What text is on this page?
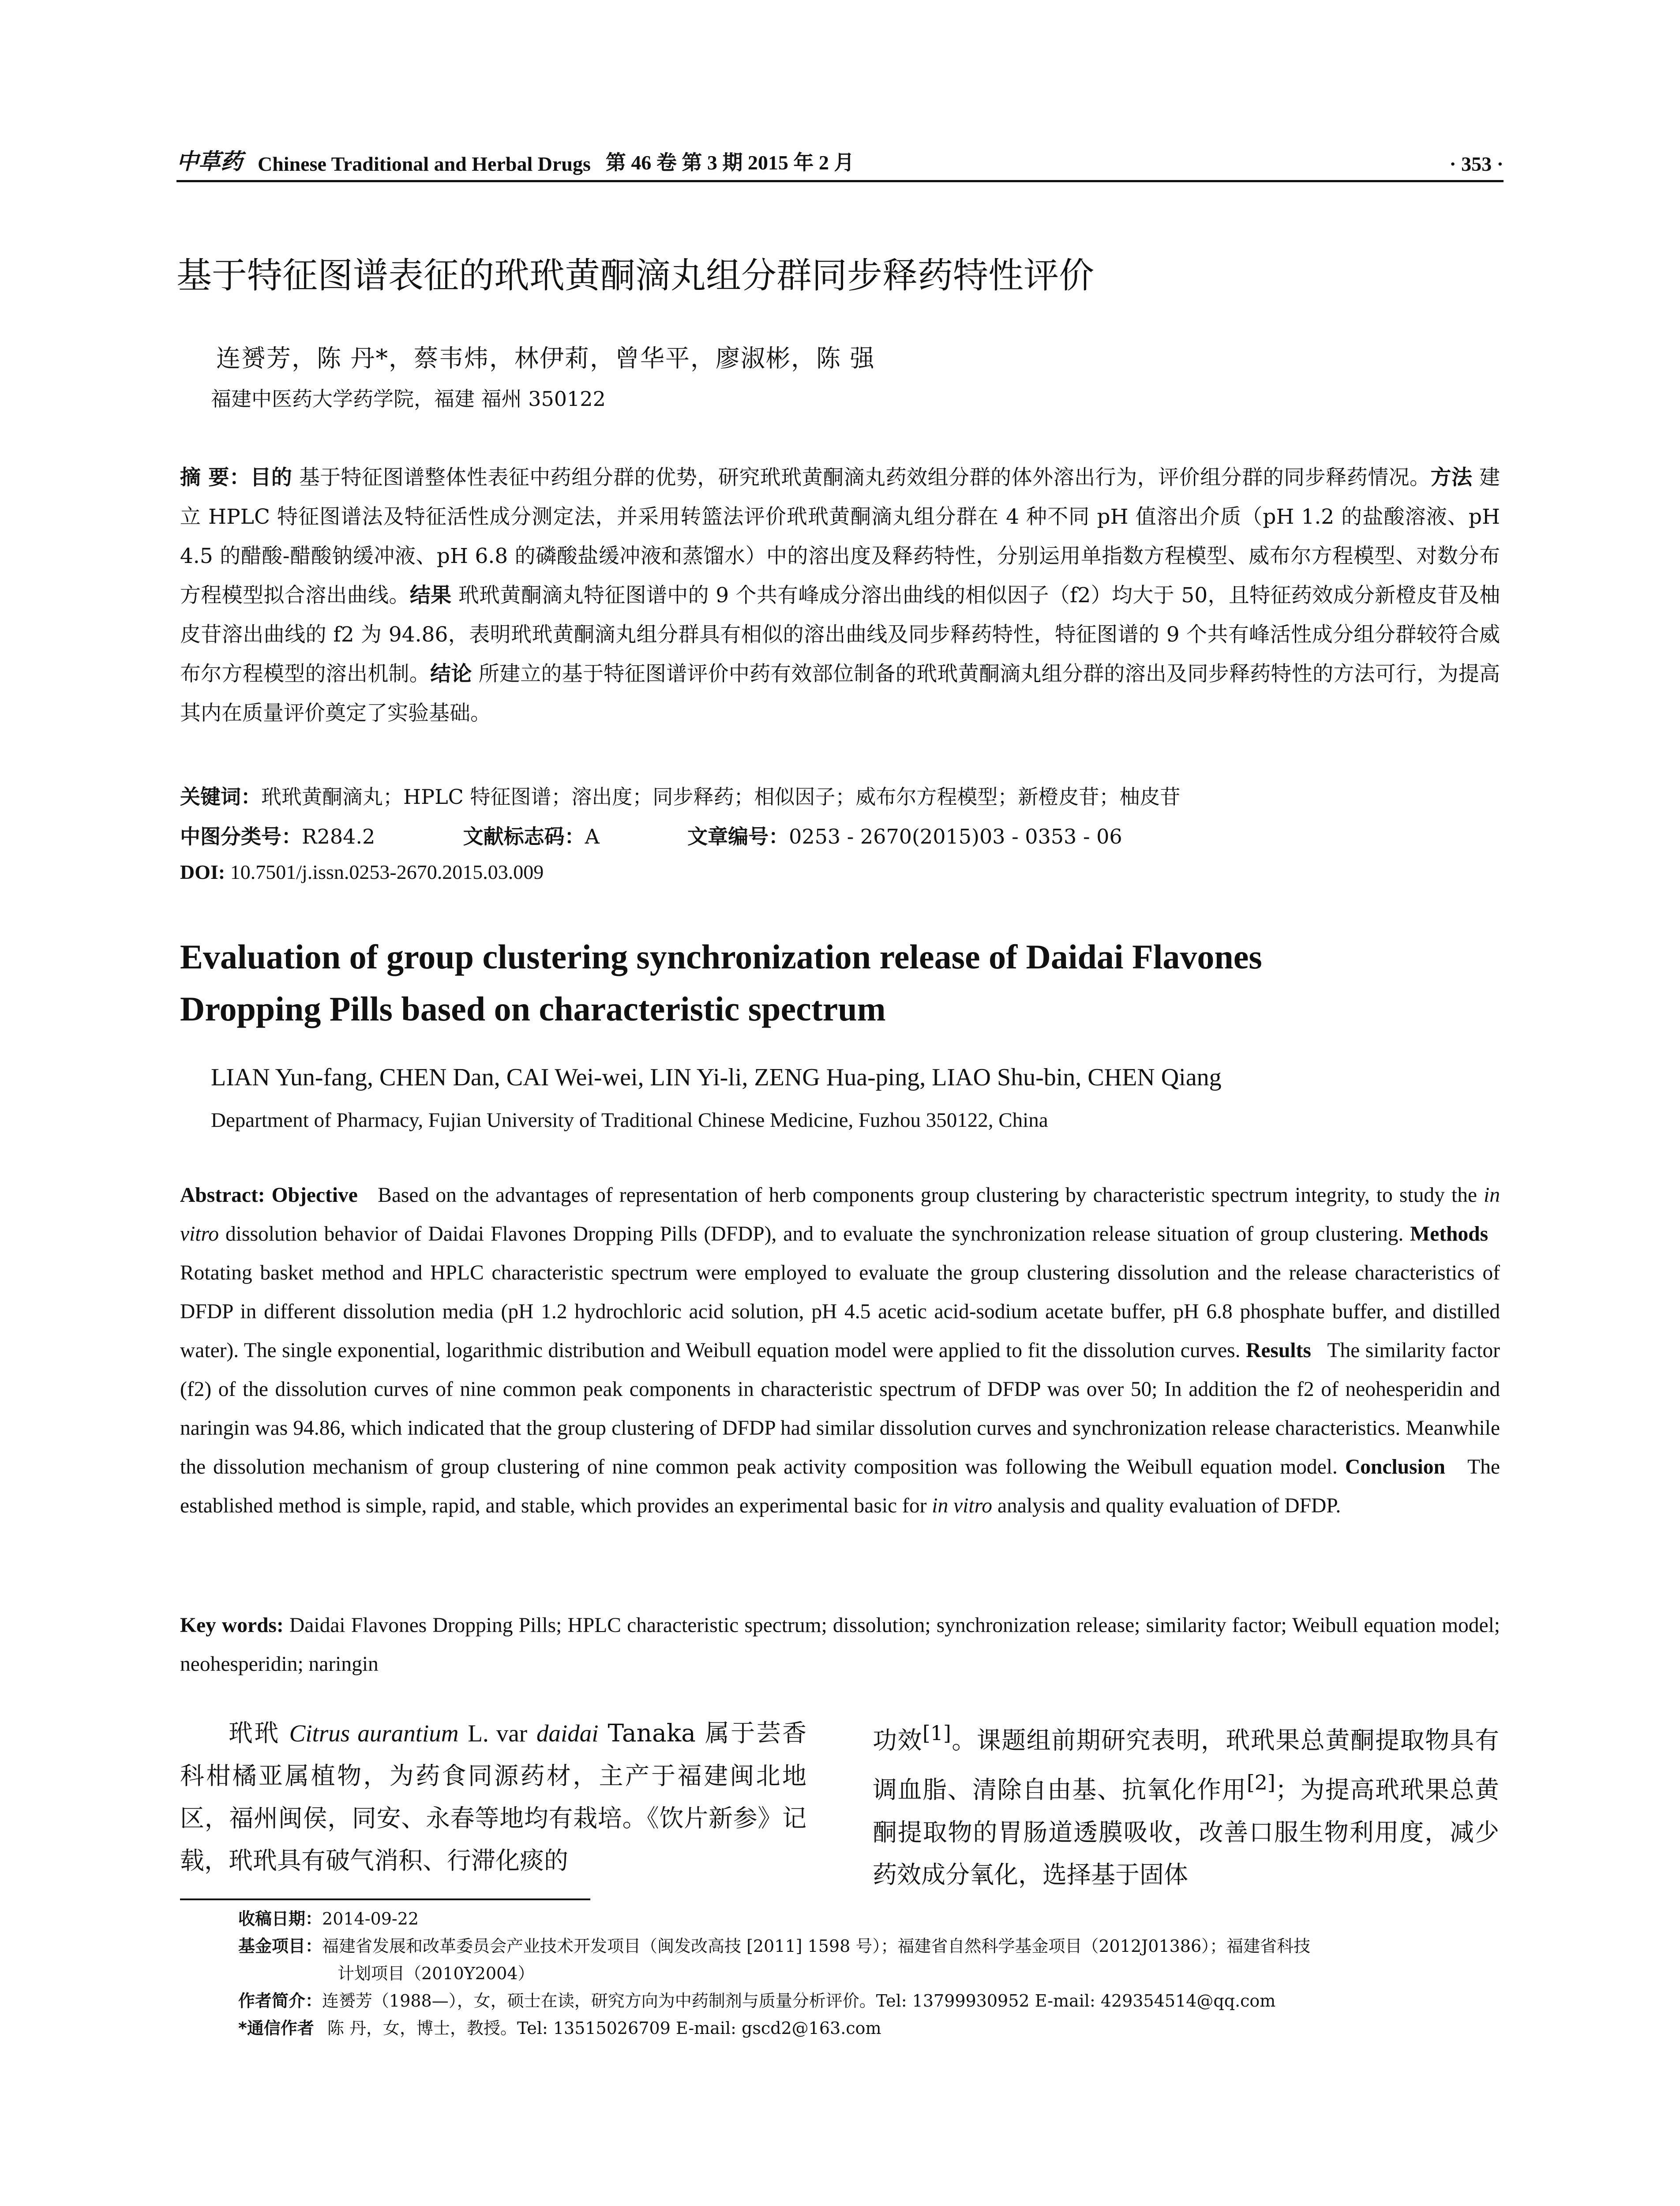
中草药 Chinese Traditional and Herbal Drugs 第 46 卷 第 3 期 2015 年 2 月	· 353 ·
基于特征图谱表征的玳玳黄酮滴丸组分群同步释药特性评价
连赟芳，陈 丹*，蔡韦炜，林伊莉，曾华平，廖淑彬，陈 强
福建中医药大学药学院，福建 福州 350122
摘 要：目的 基于特征图谱整体性表征中药组分群的优势，研究玳玳黄酮滴丸药效组分群的体外溶出行为，评价组分群的同步释药情况。方法 建立 HPLC 特征图谱法及特征活性成分测定法，并采用转篮法评价玳玳黄酮滴丸组分群在 4 种不同 pH 值溶出介质（pH 1.2 的盐酸溶液、pH 4.5 的醋酸-醋酸钠缓冲液、pH 6.8 的磷酸盐缓冲液和蒸馏水）中的溶出度及释药特性，分别运用单指数方程模型、威布尔方程模型、对数分布方程模型拟合溶出曲线。结果 玳玳黄酮滴丸特征图谱中的 9 个共有峰成分溶出曲线的相似因子（f2）均大于 50，且特征药效成分新橙皮苷及柚皮苷溶出曲线的 f2 为 94.86，表明玳玳黄酮滴丸组分群具有相似的溶出曲线及同步释药特性，特征图谱的 9 个共有峰活性成分组分群较符合威布尔方程模型的溶出机制。结论 所建立的基于特征图谱评价中药有效部位制备的玳玳黄酮滴丸组分群的溶出及同步释药特性的方法可行，为提高其内在质量评价奠定了实验基础。
关键词：玳玳黄酮滴丸；HPLC 特征图谱；溶出度；同步释药；相似因子；威布尔方程模型；新橙皮苷；柚皮苷
中图分类号：R284.2	文献标志码：A	文章编号：0253 - 2670(2015)03 - 0353 - 06
DOI: 10.7501/j.issn.0253-2670.2015.03.009
Evaluation of group clustering synchronization release of Daidai Flavones
Dropping Pills based on characteristic spectrum
LIAN Yun-fang, CHEN Dan, CAI Wei-wei, LIN Yi-li, ZENG Hua-ping, LIAO Shu-bin, CHEN Qiang
Department of Pharmacy, Fujian University of Traditional Chinese Medicine, Fuzhou 350122, China
Abstract: Objective Based on the advantages of representation of herb components group clustering by characteristic spectrum integrity, to study the in vitro dissolution behavior of Daidai Flavones Dropping Pills (DFDP), and to evaluate the synchronization release situation of group clustering. Methods   Rotating basket method and HPLC characteristic spectrum were employed to evaluate the group clustering dissolution and the release characteristics of DFDP in different dissolution media (pH 1.2 hydrochloric acid solution, pH 4.5 acetic acid-sodium acetate buffer, pH 6.8 phosphate buffer, and distilled water). The single exponential, logarithmic distribution and Weibull equation model were applied to fit the dissolution curves. Results The similarity factor (f2) of the dissolution curves of nine common peak components in characteristic spectrum of DFDP was over 50; In addition the f2 of neohesperidin and naringin was 94.86, which indicated that the group clustering of DFDP had similar dissolution curves and synchronization release characteristics. Meanwhile the dissolution mechanism of group clustering of nine common peak activity composition was following the Weibull equation model. Conclusion The established method is simple, rapid, and stable, which provides an experimental basic for in vitro analysis and quality evaluation of DFDP.
Key words: Daidai Flavones Dropping Pills; HPLC characteristic spectrum; dissolution; synchronization release; similarity factor; Weibull equation model; neohesperidin; naringin
玳玳 Citrus aurantium L. var daidai Tanaka 属于芸香科柑橘亚属植物，为药食同源药材，主产于福建闽北地区，福州闽侯，同安、永春等地均有栽培。《饮片新参》记载，玳玳具有破气消积、行滞化痰的
功效[1]。课题组前期研究表明，玳玳果总黄酮提取物具有调血脂、清除自由基、抗氧化作用[2]；为提高玳玳果总黄酮提取物的胃肠道透膜吸收，改善口服生物利用度，减少药效成分氧化，选择基于固体
收稿日期： 2014-09-22
基金项目： 福建省发展和改革委员会产业技术开发项目（闽发改高技 [2011] 1598 号）；福建省自然科学基金项目（2012J01386）；福建省科技
计划项目（2010Y2004）
作者简介： 连赟芳（1988—），女，硕士在读，研究方向为中药制剂与质量分析评价。Tel: 13799930952 E-mail: 429354514@qq.com
*通信作者 陈 丹，女，博士，教授。Tel: 13515026709 E-mail: gscd2@163.com
